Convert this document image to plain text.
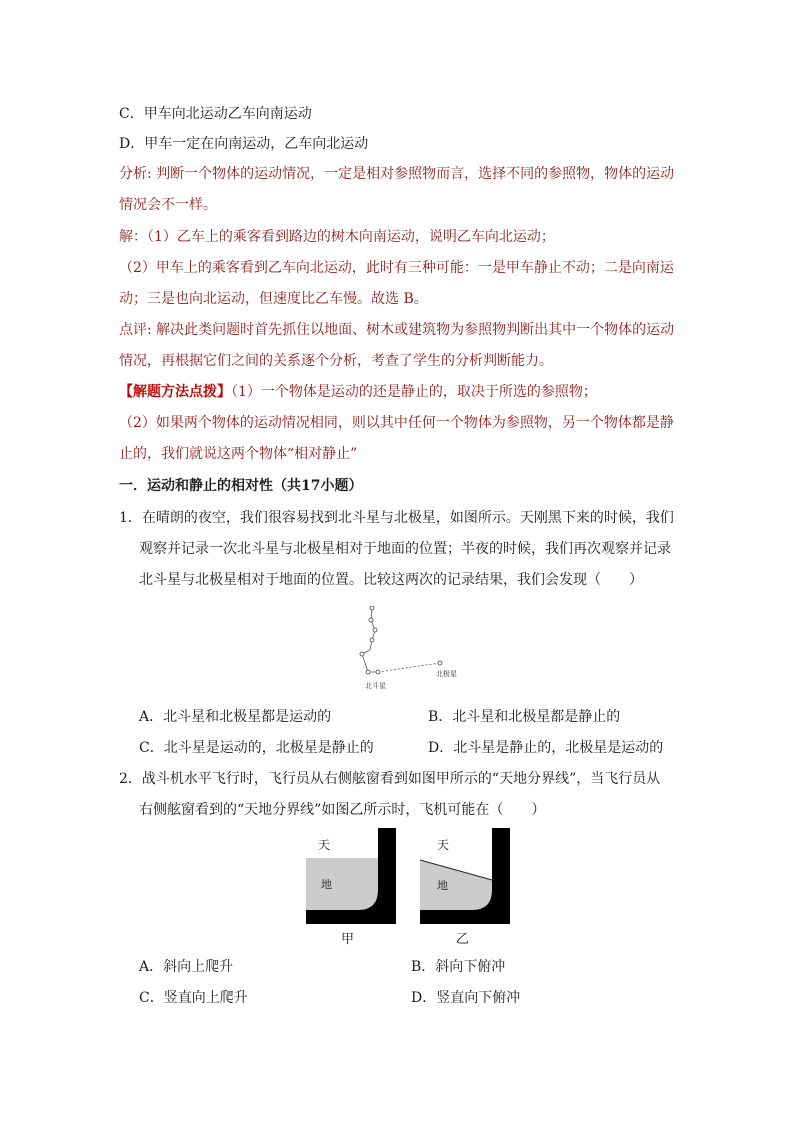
C．甲车向北运动乙车向南运动
D．甲车一定在向南运动，乙车向北运动
分析: 判断一个物体的运动情况，一定是相对参照物而言，选择不同的参照物，物体的运动
情况会不一样。
解：（1）乙车上的乘客看到路边的树木向南运动，说明乙车向北运动；
（2）甲车上的乘客看到乙车向北运动，此时有三种可能：一是甲车静止不动；二是向南运
动；三是也向北运动，但速度比乙车慢。故选 B。
点评: 解决此类问题时首先抓住以地面、树木或建筑物为参照物判断出其中一个物体的运动
情况，再根据它们之间的关系逐个分析，考查了学生的分析判断能力。
【解题方法点拨】（1）一个物体是运动的还是静止的，取决于所选的参照物；
（2）如果两个物体的运动情况相同，则以其中任何一个物体为参照物，另一个物体都是静
止的，我们就说这两个物体“相对静止”
一．运动和静止的相对性（共17小题）
1．在晴朗的夜空，我们很容易找到北斗星与北极星，如图所示。天刚黑下来的时候，我们
观察并记录一次北斗星与北极星相对于地面的位置；半夜的时候，我们再次观察并记录
北斗星与北极星相对于地面的位置。比较这两次的记录结果，我们会发现（　　）
北斗星
北极星
A．北斗星和北极星都是运动的	B．北斗星和北极星都是静止的
C．北斗星是运动的，北极星是静止的	D．北斗星是静止的，北极星是运动的
2．战斗机水平飞行时，飞行员从右侧舷窗看到如图甲所示的“天地分界线”，当飞行员从
右侧舷窗看到的“天地分界线”如图乙所示时，飞机可能在（　　）
天
地
甲
天
地
乙
A．斜向上爬升	B．斜向下俯冲
C．竖直向上爬升	D．竖直向下俯冲
